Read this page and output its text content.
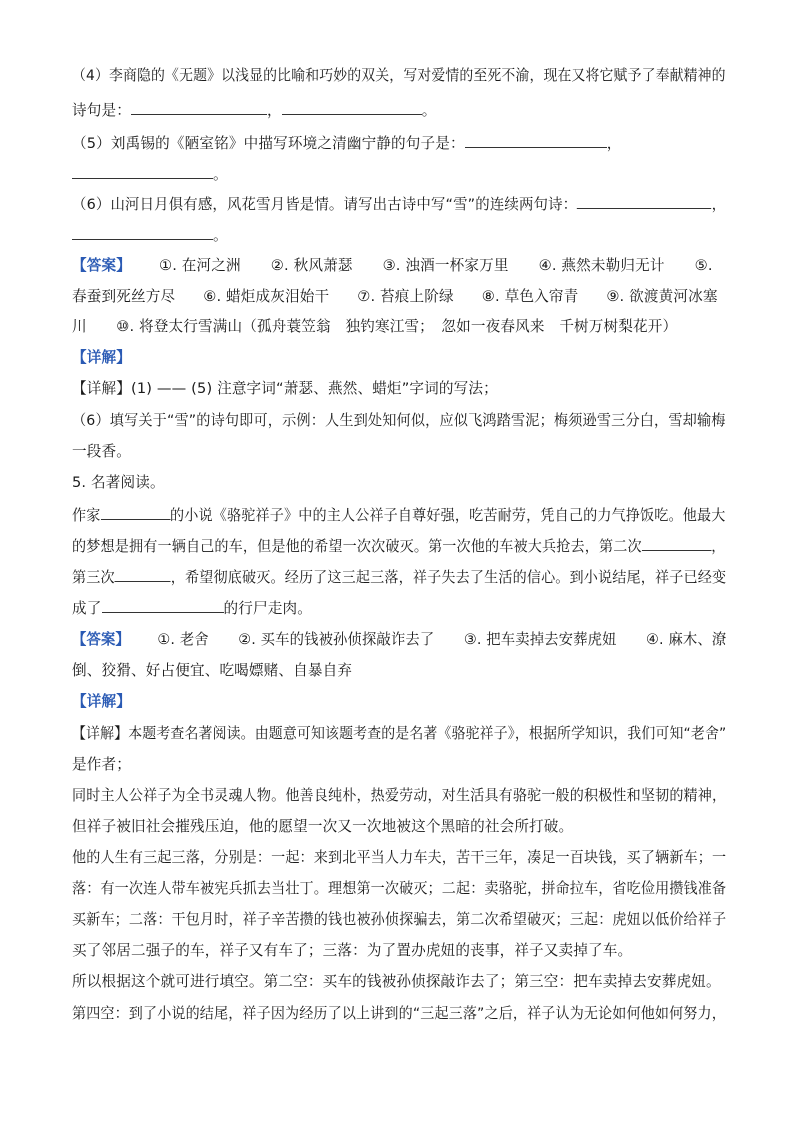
（4）李商隐的《无题》以浅显的比喻和巧妙的双关，写对爱情的至死不渝，现在又将它赋予了奉献精神的
诗句是：	，	。
（5）刘禹锡的《陋室铭》中描写环境之清幽宁静的句子是：	，
。
（6）山河日月俱有感，风花雪月皆是情。请写出古诗中写“雪”的连续两句诗：	，
。
【答案】 ①. 在河之洲 ②. 秋风萧瑟 ③. 浊酒一杯家万里 ④. 燕然未勒归无计 ⑤.
春蚕到死丝方尽 ⑥. 蜡炬成灰泪始干 ⑦. 苔痕上阶绿 ⑧. 草色入帘青 ⑨. 欲渡黄河冰塞
川　　⑩. 将登太行雪满山（孤舟蓑笠翁　独钓寒江雪；　忽如一夜春风来　千树万树梨花开）
【详解】
【详解】(1) —— (5) 注意字词“萧瑟、燕然、蜡炬”字词的写法；
（6）填写关于“雪”的诗句即可，示例：人生到处知何似，应似飞鸿踏雪泥；梅须逊雪三分白，雪却输梅
一段香。
5. 名著阅读。
作家	的小说《骆驼祥子》中的主人公祥子自尊好强，吃苦耐劳，凭自己的力气挣饭吃。他最大
的梦想是拥有一辆自己的车，但是他的希望一次次破灭。第一次他的车被大兵抢去，第二次	，
第三次	，希望彻底破灭。经历了这三起三落，祥子失去了生活的信心。到小说结尾，祥子已经变
成了	的行尸走肉。
【答案】 ①. 老舍 ②. 买车的钱被孙侦探敲诈去了 ③. 把车卖掉去安葬虎妞 ④. 麻木、潦
倒、狡猾、好占便宜、吃喝嫖赌、自暴自弃
【详解】
【详解】本题考查名著阅读。由题意可知该题考查的是名著《骆驼祥子》，根据所学知识，我们可知“老舍”
是作者；
同时主人公祥子为全书灵魂人物。他善良纯朴，热爱劳动，对生活具有骆驼一般的积极性和坚韧的精神，
但祥子被旧社会摧残压迫，他的愿望一次又一次地被这个黑暗的社会所打破。
他的人生有三起三落，分别是：一起：来到北平当人力车夫，苦干三年，凑足一百块钱，买了辆新车；一
落：有一次连人带车被宪兵抓去当壮丁。理想第一次破灭；二起：卖骆驼，拼命拉车，省吃俭用攒钱准备
买新车；二落：干包月时，祥子辛苦攒的钱也被孙侦探骗去，第二次希望破灭；三起：虎妞以低价给祥子
买了邻居二强子的车，祥子又有车了；三落：为了置办虎妞的丧事，祥子又卖掉了车。
所以根据这个就可进行填空。第二空：买车的钱被孙侦探敲诈去了；第三空：把车卖掉去安葬虎妞。
第四空：到了小说的结尾，祥子因为经历了以上讲到的“三起三落”之后，祥子认为无论如何他如何努力，
